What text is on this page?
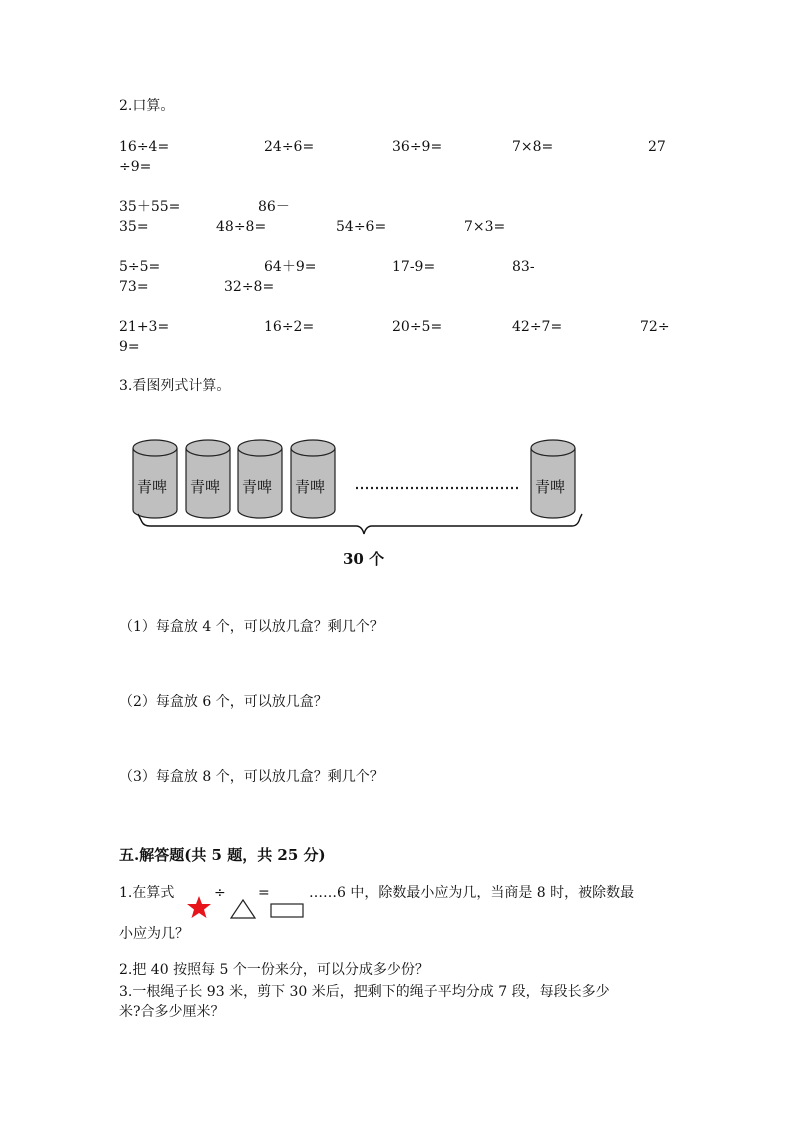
2.口算。
16÷4=	24÷6=	36÷9=	7×8=	27
÷9=
35＋55=	86－
35=	48÷8=	54÷6=	7×3=
5÷5=	64＋9=	17-9=	83-
73=	32÷8=
21+3=	16÷2=	20÷5=	42÷7=	72÷
9=
3.看图列式计算。
青啤 青啤 青啤 青啤	青啤
30 个
（1）每盒放 4 个，可以放几盒？剩几个？
（2）每盒放 6 个，可以放几盒？
（3）每盒放 8 个，可以放几盒？剩几个？
五.解答题(共 5 题，共 25 分)
1.在算式	÷ =	……6 中，除数最小应为几，当商是 8 时，被除数最
小应为几？
2.把 40 按照每 5 个一份来分，可以分成多少份？
3.一根绳子长 93 米，剪下 30 米后，把剩下的绳子平均分成 7 段，每段长多少
米?合多少厘米？
